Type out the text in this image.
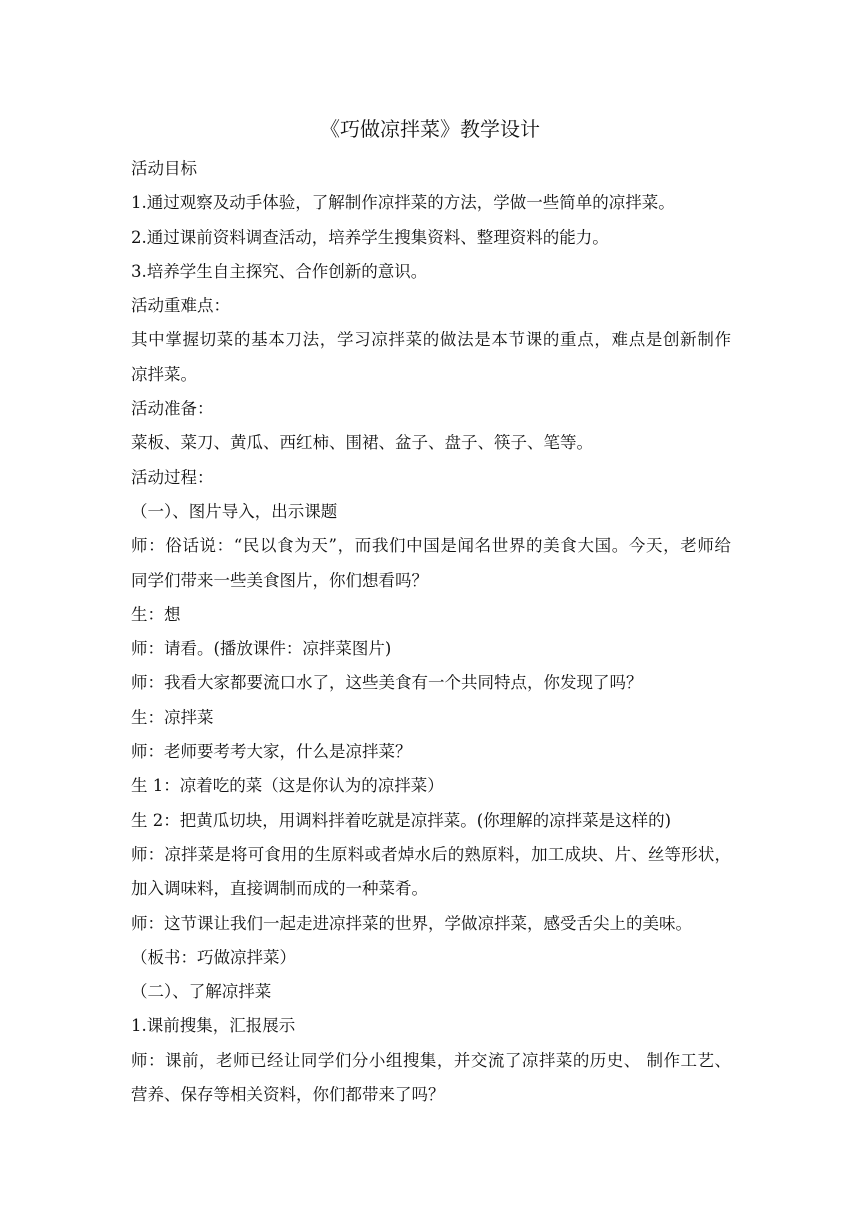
《巧做凉拌菜》教学设计
活动目标
1.通过观察及动手体验，了解制作凉拌菜的方法，学做一些简单的凉拌菜。
2.通过课前资料调查活动，培养学生搜集资料、整理资料的能力。
3.培养学生自主探究、合作创新的意识。
活动重难点：
其中掌握切菜的基本刀法，学习凉拌菜的做法是本节课的重点，难点是创新制作
凉拌菜。
活动准备：
菜板、菜刀、黄瓜、西红柿、围裙、盆子、盘子、筷子、笔等。
活动过程：
（一）、图片导入，出示课题
师：俗话说：“民以食为天”，而我们中国是闻名世界的美食大国。今天，老师给
同学们带来一些美食图片，你们想看吗？
生：想
师：请看。(播放课件：凉拌菜图片)
师：我看大家都要流口水了，这些美食有一个共同特点，你发现了吗？
生：凉拌菜
师：老师要考考大家，什么是凉拌菜？
生 1：凉着吃的菜（这是你认为的凉拌菜）
生 2：把黄瓜切块，用调料拌着吃就是凉拌菜。(你理解的凉拌菜是这样的)
师：凉拌菜是将可食用的生原料或者焯水后的熟原料，加工成块、片、丝等形状，
加入调味料，直接调制而成的一种菜肴。
师：这节课让我们一起走进凉拌菜的世界，学做凉拌菜，感受舌尖上的美味。
（板书：巧做凉拌菜）
（二）、了解凉拌菜
1.课前搜集，汇报展示
师：课前，老师已经让同学们分小组搜集，并交流了凉拌菜的历史、 制作工艺、
营养、保存等相关资料，你们都带来了吗？
